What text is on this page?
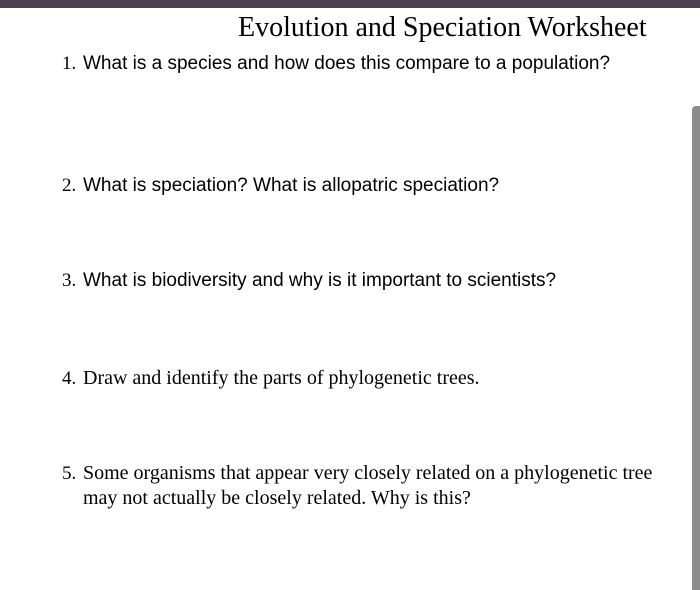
Evolution and Speciation Worksheet
1. What is a species and how does this compare to a population?
2. What is speciation? What is allopatric speciation?
3. What is biodiversity and why is it important to scientists?
4. Draw and identify the parts of phylogenetic trees.
5. Some organisms that appear very closely related on a phylogenetic tree may not actually be closely related. Why is this?
